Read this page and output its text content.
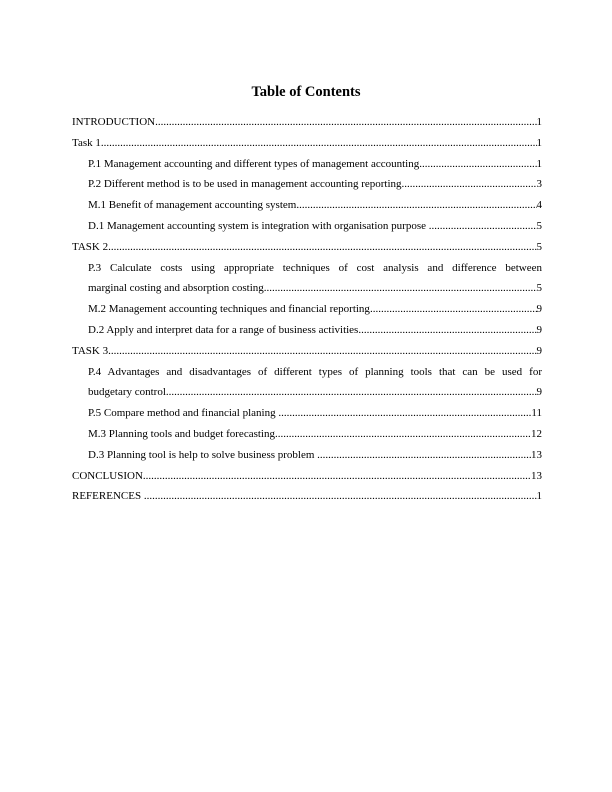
Table of Contents
INTRODUCTION .....	1
Task 1 .....	1
P.1 Management accounting and different types of management accounting .....	1
P.2 Different method is to be used in management accounting reporting .....	3
M.1 Benefit of management accounting system .....	4
D.1 Management accounting system is integration with organisation purpose .....	5
TASK 2 .....	5
P.3 Calculate costs using appropriate techniques of cost analysis and difference between
marginal costing and absorption costing .....	5
M.2 Management accounting techniques and financial reporting .....	9
D.2 Apply and interpret data for a range of business activities .....	9
TASK 3 .....	9
P.4 Advantages and disadvantages of different types of planning tools that can be used for
budgetary control .....	9
P.5 Compare method and financial planing .....	11
M.3 Planning tools and budget forecasting .....	12
D.3 Planning tool is help to solve business problem .....	13
CONCLUSION .....	13
REFERENCES .....	1
